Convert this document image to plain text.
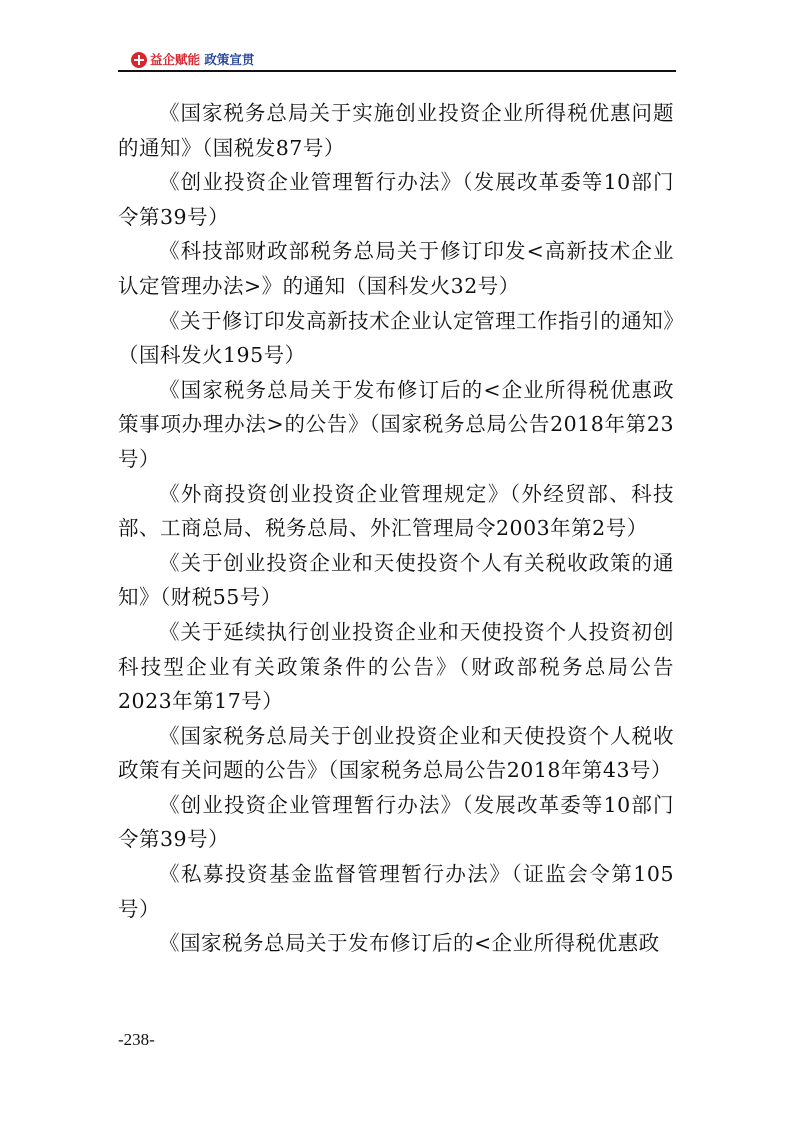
益企赋能 政策宣贯

《国家税务总局关于实施创业投资企业所得税优惠问题的通知》（国税发87号）

《创业投资企业管理暂行办法》（发展改革委等10部门令第39号）

《科技部财政部税务总局关于修订印发<高新技术企业认定管理办法>》的通知（国科发火32号）

《关于修订印发高新技术企业认定管理工作指引的通知》（国科发火195号）

《国家税务总局关于发布修订后的<企业所得税优惠政策事项办理办法>的公告》（国家税务总局公告2018年第23号）

《外商投资创业投资企业管理规定》（外经贸部、科技部、工商总局、税务总局、外汇管理局令2003年第2号）

《关于创业投资企业和天使投资个人有关税收政策的通知》（财税55号）

《关于延续执行创业投资企业和天使投资个人投资初创科技型企业有关政策条件的公告》（财政部税务总局公告2023年第17号）

《国家税务总局关于创业投资企业和天使投资个人税收政策有关问题的公告》（国家税务总局公告2018年第43号）

《创业投资企业管理暂行办法》（发展改革委等10部门令第39号）

《私募投资基金监督管理暂行办法》（证监会令第105号）

《国家税务总局关于发布修订后的<企业所得税优惠政

-238-
